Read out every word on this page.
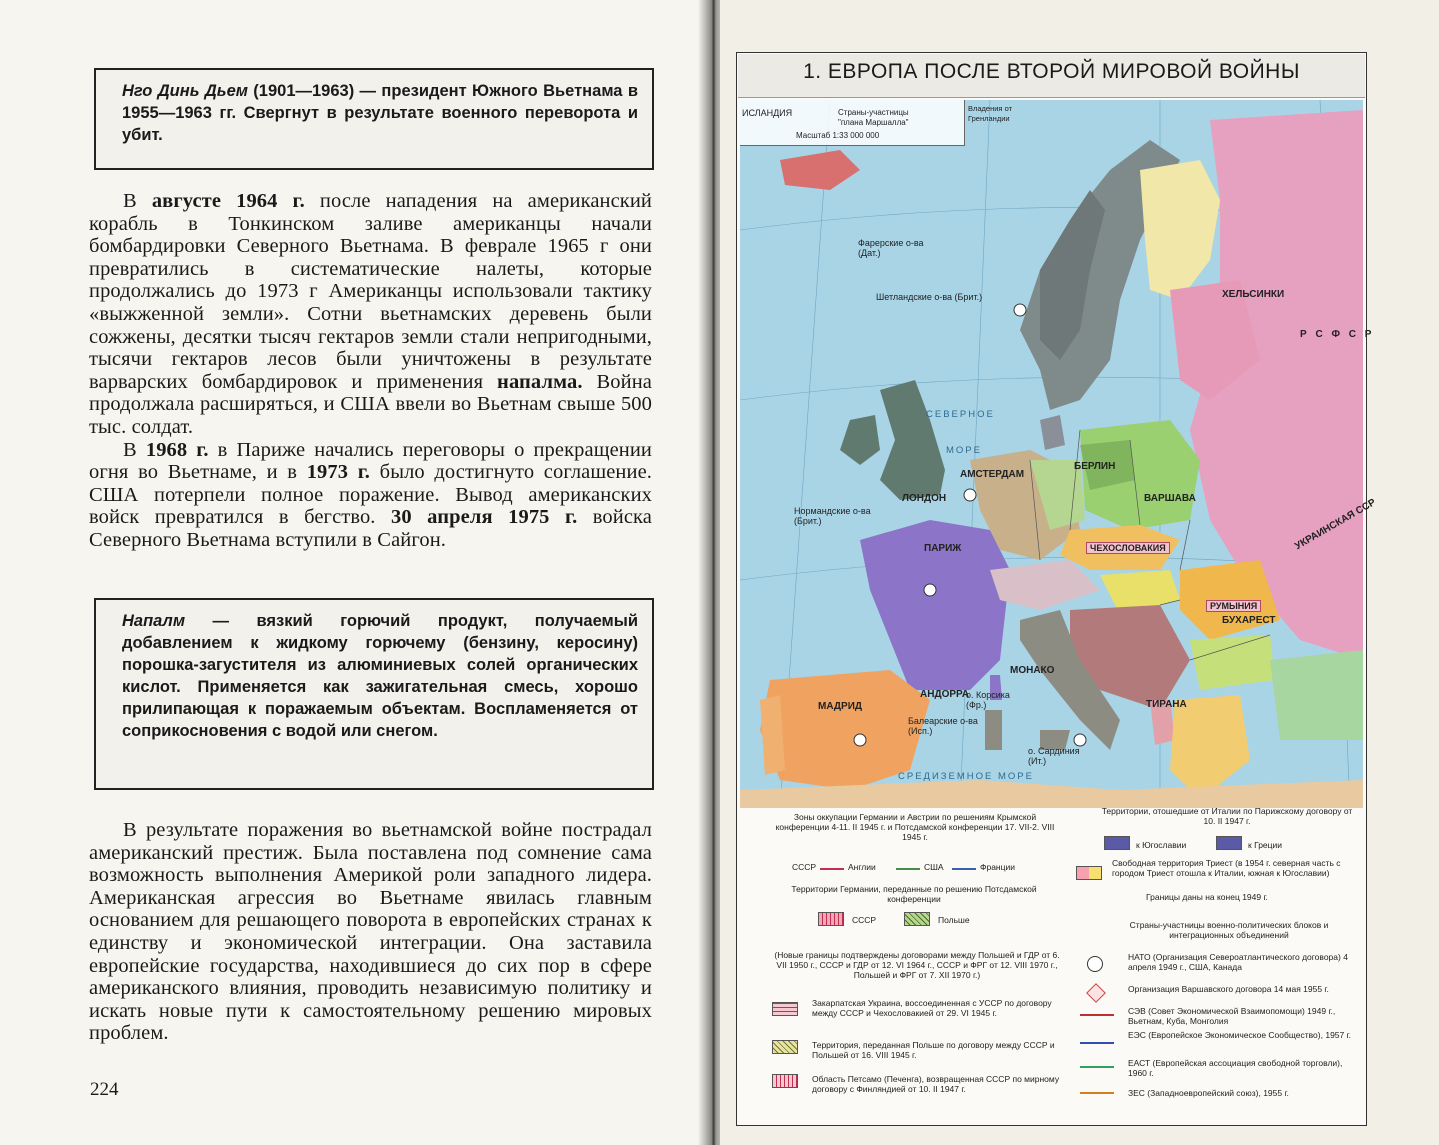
Нго Динь Дьем (1901—1963) — президент Южного Вьетнама в 1955—1963 гг. Свергнут в результате военного переворота и убит.

В августе 1964 г. после нападения на американский корабль в Тонкинском заливе американцы начали бомбардировки Северного Вьетнама. В феврале 1965 г они превратились в систематические налеты, которые продолжались до 1973 г Американцы использовали тактику «выжженной земли». Сотни вьетнамских деревень были сожжены, десятки тысяч гектаров земли стали непригодными, тысячи гектаров лесов были уничтожены в результате варварских бомбардировок и применения напалма. Война продолжала расширяться, и США ввели во Вьетнам свыше 500 тыс. солдат.

В 1968 г. в Париже начались переговоры о прекращении огня во Вьетнаме, и в 1973 г. было достигнуто соглашение. США потерпели полное поражение. Вывод американских войск превратился в бегство. 30 апреля 1975 г. войска Северного Вьетнама вступили в Сайгон.

Напалм — вязкий горючий продукт, получаемый добавлением к жидкому горючему (бензину, керосину) порошка-загустителя из алюминиевых солей органических кислот. Применяется как зажигательная смесь, хорошо прилипающая к поражаемым объектам. Воспламеняется от соприкосновения с водой или снегом.

В результате поражения во вьетнамской войне пострадал американский престиж. Была поставлена под сомнение сама возможность выполнения Америкой роли западного лидера. Американская агрессия во Вьетнаме явилась главным основанием для решающего поворота в европейских странах к единству и экономической интеграции. Она заставила европейские государства, находившиеся до сих пор в сфере американского влияния, проводить независимую политику и искать новые пути к самостоятельному решению мировых проблем.

224
1. ЕВРОПА ПОСЛЕ ВТОРОЙ МИРОВОЙ ВОЙНЫ
ИСЛАНДИЯ	Страны-участницы "плана Маршалла"
Масштаб 1:33 000 000
Владения от Гренландии
СЕВЕРНОЕ
МОРЕ
Фарерские о-ва (Дат.)
Шетландские о-ва (Брит.)	ХЕЛЬСИНКИ
Р С Ф С Р
АМСТЕРДАМ
ЛОНДОН
БЕРЛИН
ВАРШАВА
Нормандские о-ва (Брит.)
ПАРИЖ	ЧЕХОСЛОВАКИЯ
РУМЫНИЯ
БУХАРЕСТ
УКРАИНСКАЯ ССР
МОНАКО
АНДОРРА
о. Корсика (Фр.)
Балеарские о-ва (Исп.)
МАДРИД
о. Сардиния (Ит.)
СРЕДИЗЕМНОЕ МОРЕ
ТИРАНА
Зоны оккупации Германии и Австрии по решениям Крымской конференции 4-11. II 1945 г. и Потсдамской конференции 17. VII-2. VIII 1945 г.
СССР	Англии	США	Франции
Территории Германии, переданные по решению Потсдамской конференции
СССР	Польше
(Новые границы подтверждены договорами между Польшей и ГДР от 6. VII 1950 г., СССР и ГДР от 12. VI 1964 г., СССР и ФРГ от 12. VIII 1970 г., Польшей и ФРГ от 7. XII 1970 г.)
Закарпатская Украина, воссоединенная с УССР по договору между СССР и Чехословакией от 29. VI 1945 г.
Территория, переданная Польше по договору между СССР и Польшей от 16. VIII 1945 г.
Область Петсамо (Печенга), возвращенная СССР по мирному договору с Финляндией от 10. II 1947 г.
Территории, отошедшие от Италии по Парижскому договору от 10. II 1947 г.
к Югославии	к Греции
Свободная территория Триест (в 1954 г. северная часть с городом Триест отошла к Италии, южная к Югославии)
Границы даны на конец 1949 г.
Страны-участницы военно-политических блоков и интеграционных объединений
НАТО (Организация Североатлантического договора) 4 апреля 1949 г., США, Канада
Организация Варшавского договора 14 мая 1955 г.
СЭВ (Совет Экономической Взаимопомощи) 1949 г., Вьетнам, Куба, Монголия
ЕЭС (Европейское Экономическое Сообщество), 1957 г.
ЕАСТ (Европейская ассоциация свободной торговли), 1960 г.
ЗЕС (Западноевропейский союз), 1955 г.
